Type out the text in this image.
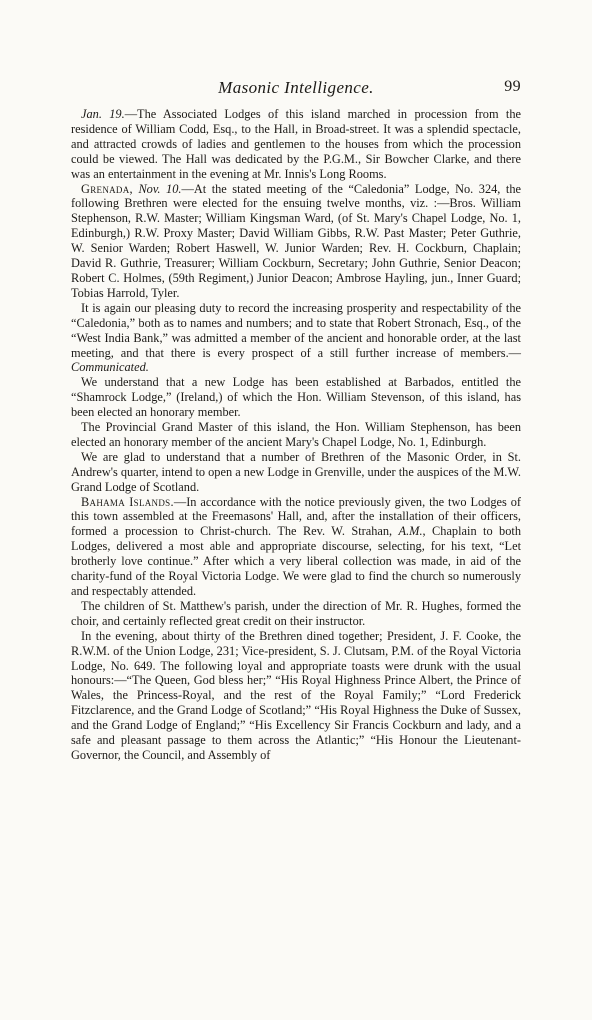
Masonic Intelligence.	99

Jan. 19.—The Associated Lodges of this island marched in procession from the residence of William Codd, Esq., to the Hall, in Broad-street. It was a splendid spectacle, and attracted crowds of ladies and gentlemen to the houses from which the procession could be viewed. The Hall was dedicated by the P.G.M., Sir Bowcher Clarke, and there was an entertainment in the evening at Mr. Innis's Long Rooms.

Grenada, Nov. 10.—At the stated meeting of the “Caledonia” Lodge, No. 324, the following Brethren were elected for the ensuing twelve months, viz. :—Bros. William Stephenson, R.W. Master; William Kingsman Ward, (of St. Mary's Chapel Lodge, No. 1, Edinburgh,) R.W. Proxy Master; David William Gibbs, R.W. Past Master; Peter Guthrie, W. Senior Warden; Robert Haswell, W. Junior Warden; Rev. H. Cockburn, Chaplain; David R. Guthrie, Treasurer; William Cockburn, Secretary; John Guthrie, Senior Deacon; Robert C. Holmes, (59th Regiment,) Junior Deacon; Ambrose Hayling, jun., Inner Guard; Tobias Harrold, Tyler.

It is again our pleasing duty to record the increasing prosperity and respectability of the “Caledonia,” both as to names and numbers; and to state that Robert Stronach, Esq., of the “West India Bank,” was admitted a member of the ancient and honorable order, at the last meeting, and that there is every prospect of a still further increase of members.—Communicated.

We understand that a new Lodge has been established at Barbados, entitled the “Shamrock Lodge,” (Ireland,) of which the Hon. William Stevenson, of this island, has been elected an honorary member.

The Provincial Grand Master of this island, the Hon. William Stephenson, has been elected an honorary member of the ancient Mary's Chapel Lodge, No. 1, Edinburgh.

We are glad to understand that a number of Brethren of the Masonic Order, in St. Andrew's quarter, intend to open a new Lodge in Grenville, under the auspices of the M.W. Grand Lodge of Scotland.

Bahama Islands.—In accordance with the notice previously given, the two Lodges of this town assembled at the Freemasons' Hall, and, after the installation of their officers, formed a procession to Christ-church. The Rev. W. Strahan, A.M., Chaplain to both Lodges, delivered a most able and appropriate discourse, selecting, for his text, “Let brotherly love continue.” After which a very liberal collection was made, in aid of the charity-fund of the Royal Victoria Lodge. We were glad to find the church so numerously and respectably attended.

The children of St. Matthew's parish, under the direction of Mr. R. Hughes, formed the choir, and certainly reflected great credit on their instructor.

In the evening, about thirty of the Brethren dined together; President, J. F. Cooke, the R.W.M. of the Union Lodge, 231; Vice-president, S. J. Clutsam, P.M. of the Royal Victoria Lodge, No. 649. The following loyal and appropriate toasts were drunk with the usual honours:—“The Queen, God bless her;” “His Royal Highness Prince Albert, the Prince of Wales, the Princess-Royal, and the rest of the Royal Family;” “Lord Frederick Fitzclarence, and the Grand Lodge of Scotland;” “His Royal Highness the Duke of Sussex, and the Grand Lodge of England;” “His Excellency Sir Francis Cockburn and lady, and a safe and pleasant passage to them across the Atlantic;” “His Honour the Lieutenant-Governor, the Council, and Assembly of
